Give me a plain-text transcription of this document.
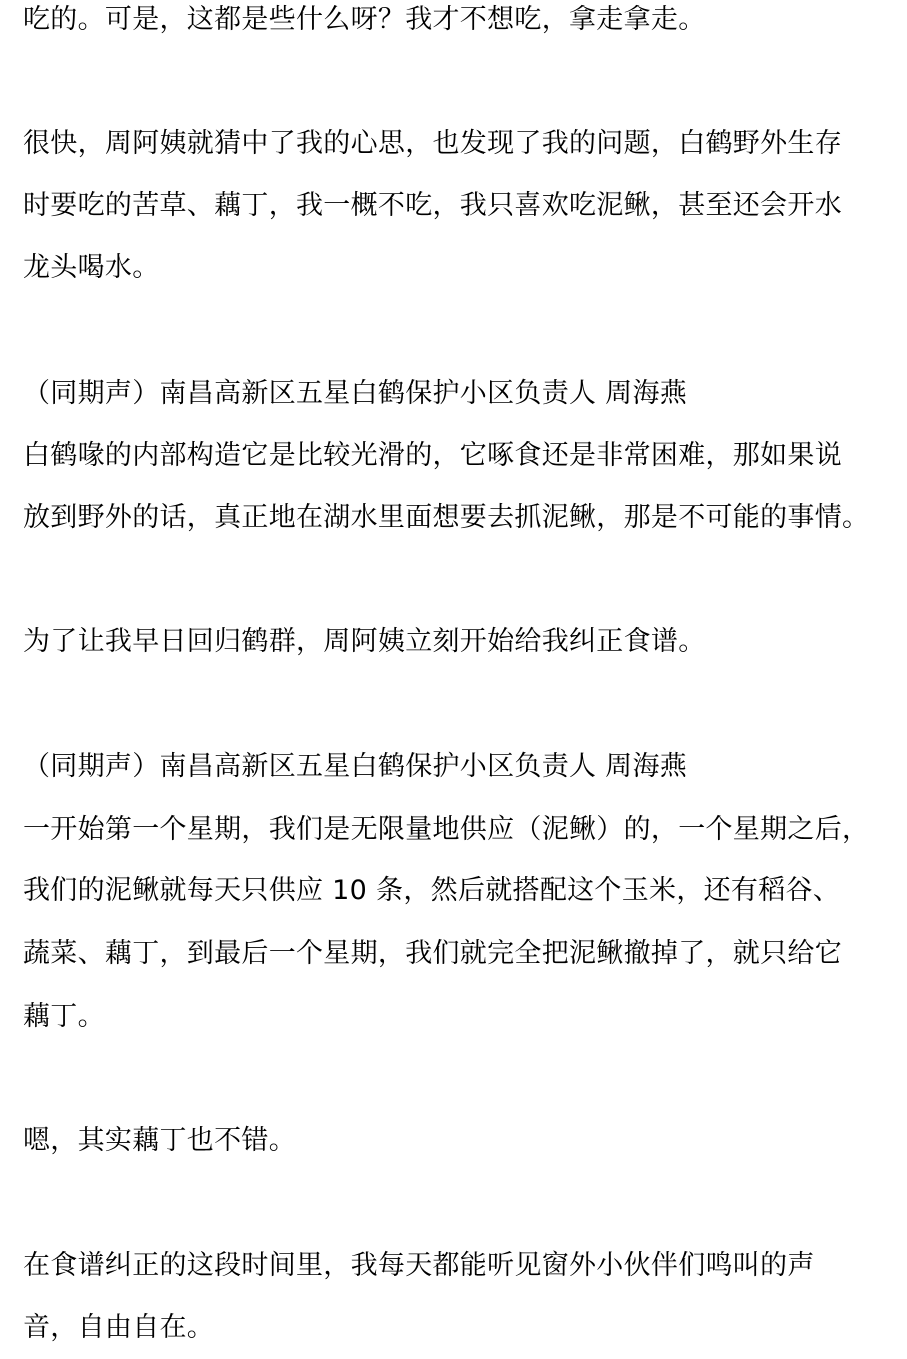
吃的。可是，这都是些什么呀？我才不想吃，拿走拿走。
很快，周阿姨就猜中了我的心思，也发现了我的问题，白鹤野外生存
时要吃的苦草、藕丁，我一概不吃，我只喜欢吃泥鳅，甚至还会开水
龙头喝水。
（同期声）南昌高新区五星白鹤保护小区负责人 周海燕
白鹤喙的内部构造它是比较光滑的，它啄食还是非常困难，那如果说
放到野外的话，真正地在湖水里面想要去抓泥鳅，那是不可能的事情。
为了让我早日回归鹤群，周阿姨立刻开始给我纠正食谱。
（同期声）南昌高新区五星白鹤保护小区负责人 周海燕
一开始第一个星期，我们是无限量地供应（泥鳅）的，一个星期之后，
我们的泥鳅就每天只供应 10 条，然后就搭配这个玉米，还有稻谷、
蔬菜、藕丁，到最后一个星期，我们就完全把泥鳅撤掉了，就只给它
藕丁。
嗯，其实藕丁也不错。
在食谱纠正的这段时间里，我每天都能听见窗外小伙伴们鸣叫的声
音，自由自在。
